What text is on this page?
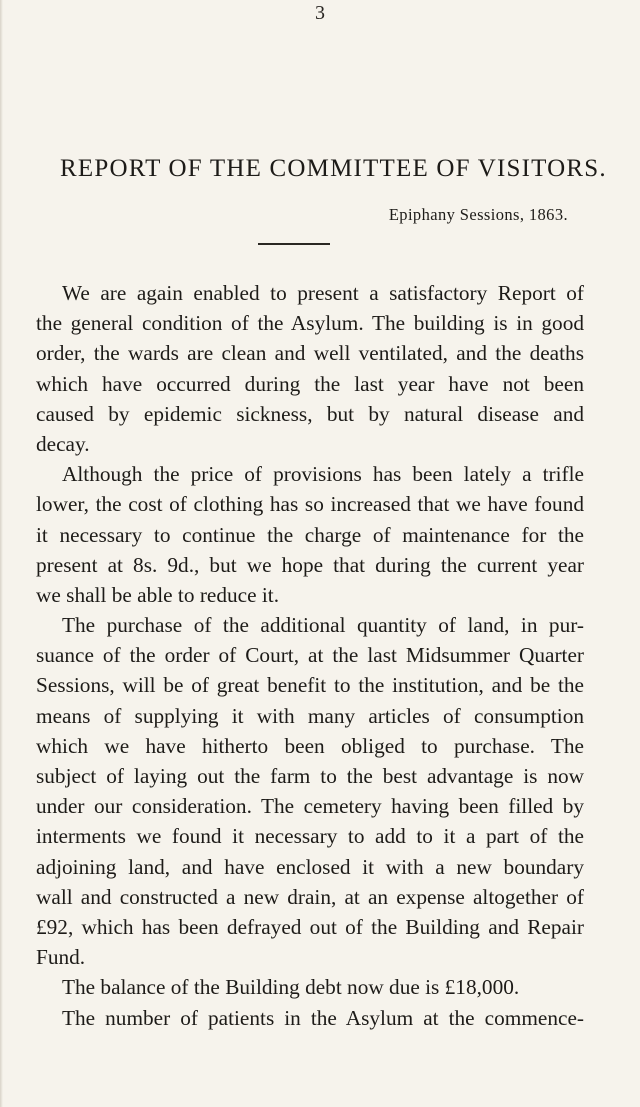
3
REPORT OF THE COMMITTEE OF VISITORS.
Epiphany Sessions, 1863.
We are again enabled to present a satisfactory Report of
the general condition of the Asylum. The building is in good
order, the wards are clean and well ventilated, and the deaths
which have occurred during the last year have not been
caused by epidemic sickness, but by natural disease and
decay.
Although the price of provisions has been lately a trifle
lower, the cost of clothing has so increased that we have found
it necessary to continue the charge of maintenance for the
present at 8s. 9d., but we hope that during the current year
we shall be able to reduce it.
The purchase of the additional quantity of land, in pur-
suance of the order of Court, at the last Midsummer Quarter
Sessions, will be of great benefit to the institution, and be the
means of supplying it with many articles of consumption
which we have hitherto been obliged to purchase. The
subject of laying out the farm to the best advantage is now
under our consideration. The cemetery having been filled by
interments we found it necessary to add to it a part of the
adjoining land, and have enclosed it with a new boundary
wall and constructed a new drain, at an expense altogether of
£92, which has been defrayed out of the Building and Repair
Fund.
The balance of the Building debt now due is £18,000.
The number of patients in the Asylum at the commence-
